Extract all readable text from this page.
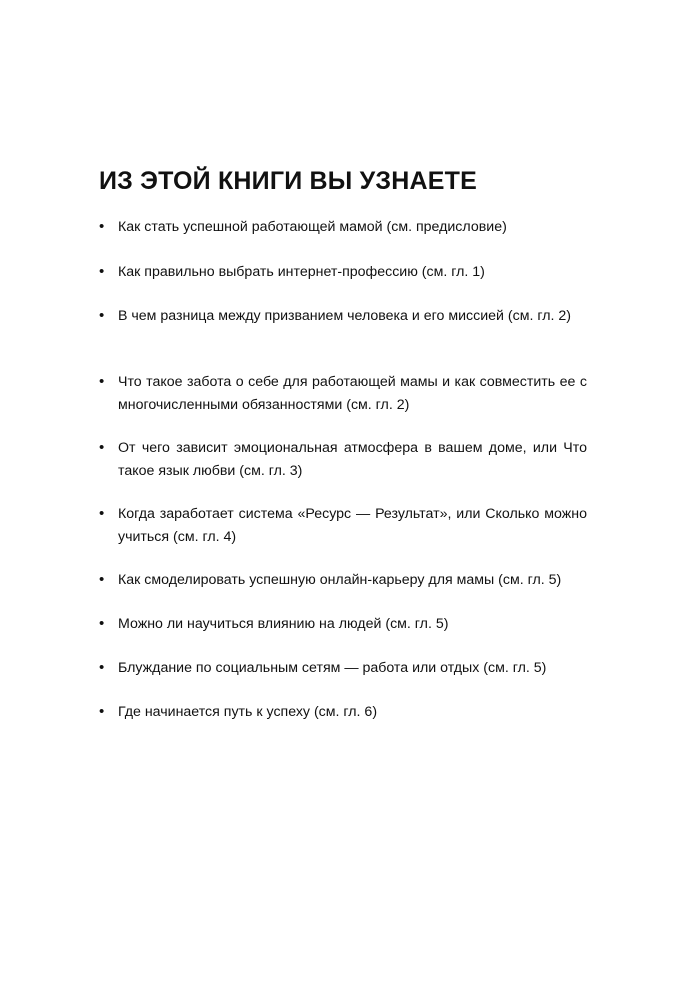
ИЗ ЭТОЙ КНИГИ ВЫ УЗНАЕТЕ
• Как стать успешной работающей мамой (см. предисловие)
• Как правильно выбрать интернет-профессию (см. гл. 1)
• В чем разница между призванием человека и его миссией (см. гл. 2)
• Что такое забота о себе для работающей мамы и как совместить ее с многочисленными обязанностями (см. гл. 2)
• От чего зависит эмоциональная атмосфера в вашем доме, или Что такое язык любви (см. гл. 3)
• Когда заработает система «Ресурс — Результат», или Сколько можно учиться (см. гл. 4)
• Как смоделировать успешную онлайн-карьеру для мамы (см. гл. 5)
• Можно ли научиться влиянию на людей (см. гл. 5)
• Блуждание по социальным сетям — работа или отдых (см. гл. 5)
• Где начинается путь к успеху (см. гл. 6)
